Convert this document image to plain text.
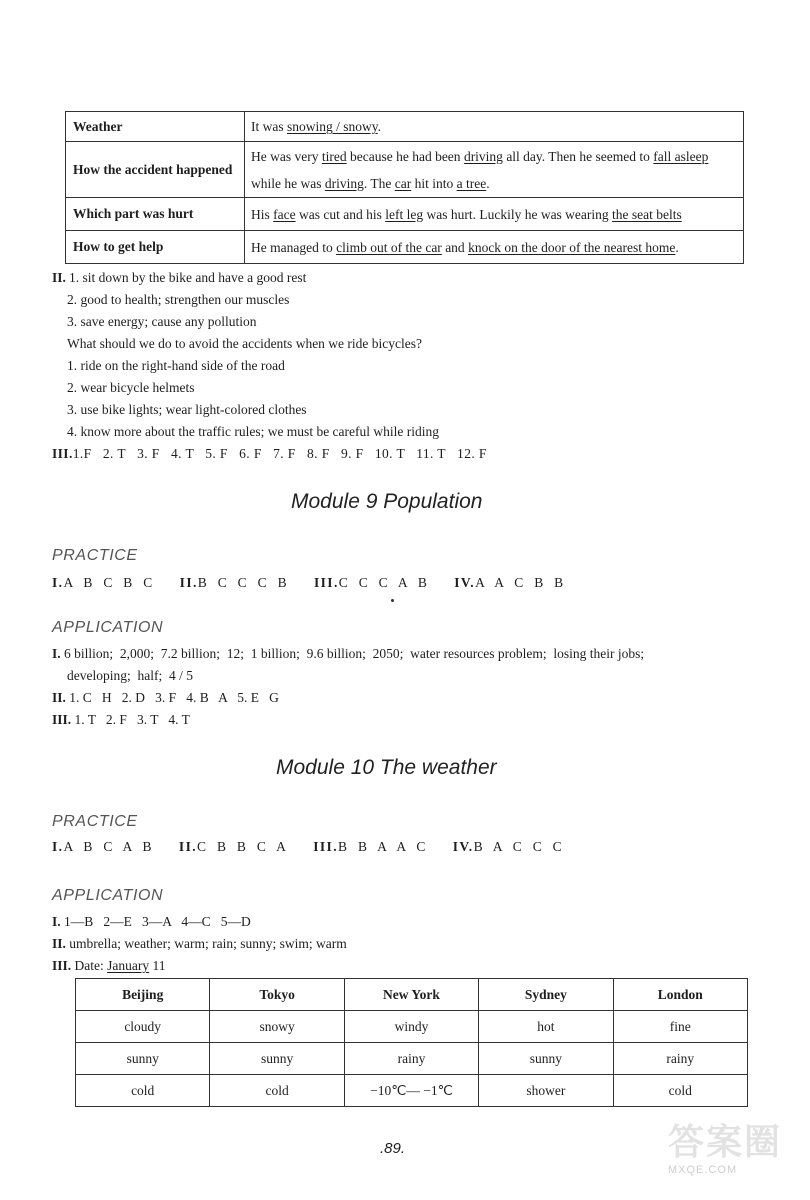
Weather	It was snowing / snowy.
How the accident happened	He was very tired because he had been driving all day. Then he seemed to fall asleep while he was driving. The car hit into a tree.
Which part was hurt	His face was cut and his left leg was hurt. Luckily he was wearing the seat belts
How to get help	He managed to climb out of the car and knock on the door of the nearest home.
II. 1. sit down by the bike and have a good rest
2. good to health; strengthen our muscles
3. save energy; cause any pollution
What should we do to avoid the accidents when we ride bicycles?
1. ride on the right-hand side of the road
2. wear bicycle helmets
3. use bike lights; wear light-colored clothes
4. know more about the traffic rules; we must be careful while riding
III.1.F   2. T   3. F   4. T   5. F   6. F   7. F   8. F   9. F   10. T   11. T   12. F
Module 9 Population
PRACTICE
I.A  B  C  B  C II.B  C  C  C  B III.C  C  C  A  B IV.A  A  C  B  B
APPLICATION
I. 6 billion;  2,000;  7.2 billion;  12;  1 billion;  9.6 billion;  2050;  water resources problem;  losing their jobs;
developing;  half;  4 / 5
II. 1. C   H   2. D   3. F   4. B   A   5. E   G
III. 1. T   2. F   3. T   4. T
Module 10 The weather
PRACTICE
I.A  B  C  A  B II.C  B  B  C  A III.B  B  A  A  C IV.B  A  C  C  C
APPLICATION
I. 1—B   2—E   3—A   4—C   5—D
II. umbrella; weather; warm; rain; sunny; swim; warm
III. Date: January 11
Beijing	Tokyo	New York	Sydney	London
cloudy	snowy	windy	hot	fine
sunny	sunny	rainy	sunny	rainy
cold	cold	−10℃— −1℃	shower	cold
.89.	答案圈
MXQE.COM
